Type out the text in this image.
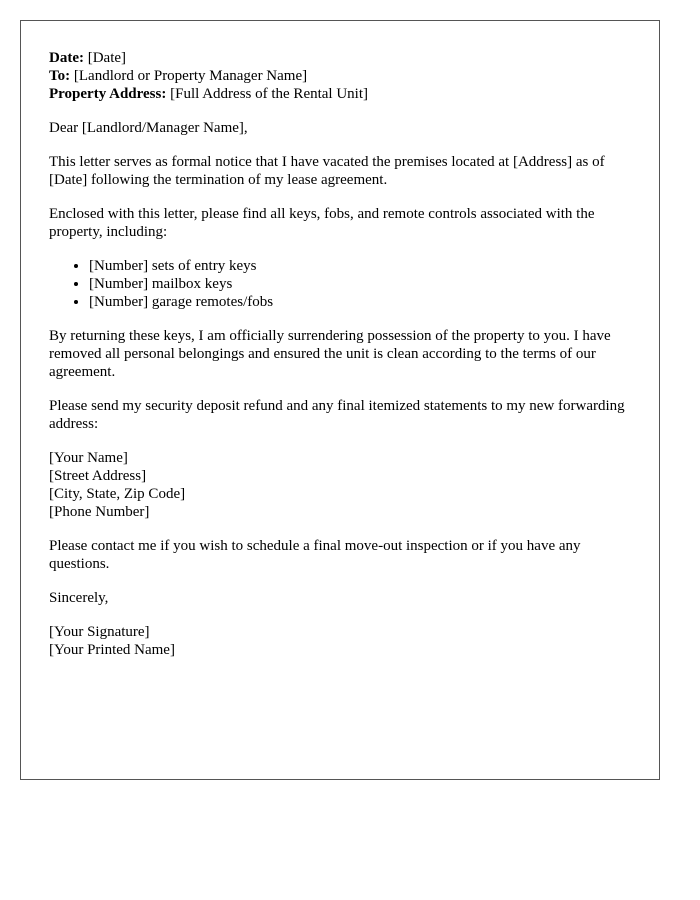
Date: [Date]
To: [Landlord or Property Manager Name]
Property Address: [Full Address of the Rental Unit]

Dear [Landlord/Manager Name],

This letter serves as formal notice that I have vacated the premises located at [Address] as of [Date] following the termination of my lease agreement.

Enclosed with this letter, please find all keys, fobs, and remote controls associated with the property, including:

• [Number] sets of entry keys
• [Number] mailbox keys
• [Number] garage remotes/fobs

By returning these keys, I am officially surrendering possession of the property to you. I have removed all personal belongings and ensured the unit is clean according to the terms of our agreement.

Please send my security deposit refund and any final itemized statements to my new forwarding address:

[Your Name]
[Street Address]
[City, State, Zip Code]
[Phone Number]

Please contact me if you wish to schedule a final move-out inspection or if you have any questions.

Sincerely,

[Your Signature]
[Your Printed Name]
